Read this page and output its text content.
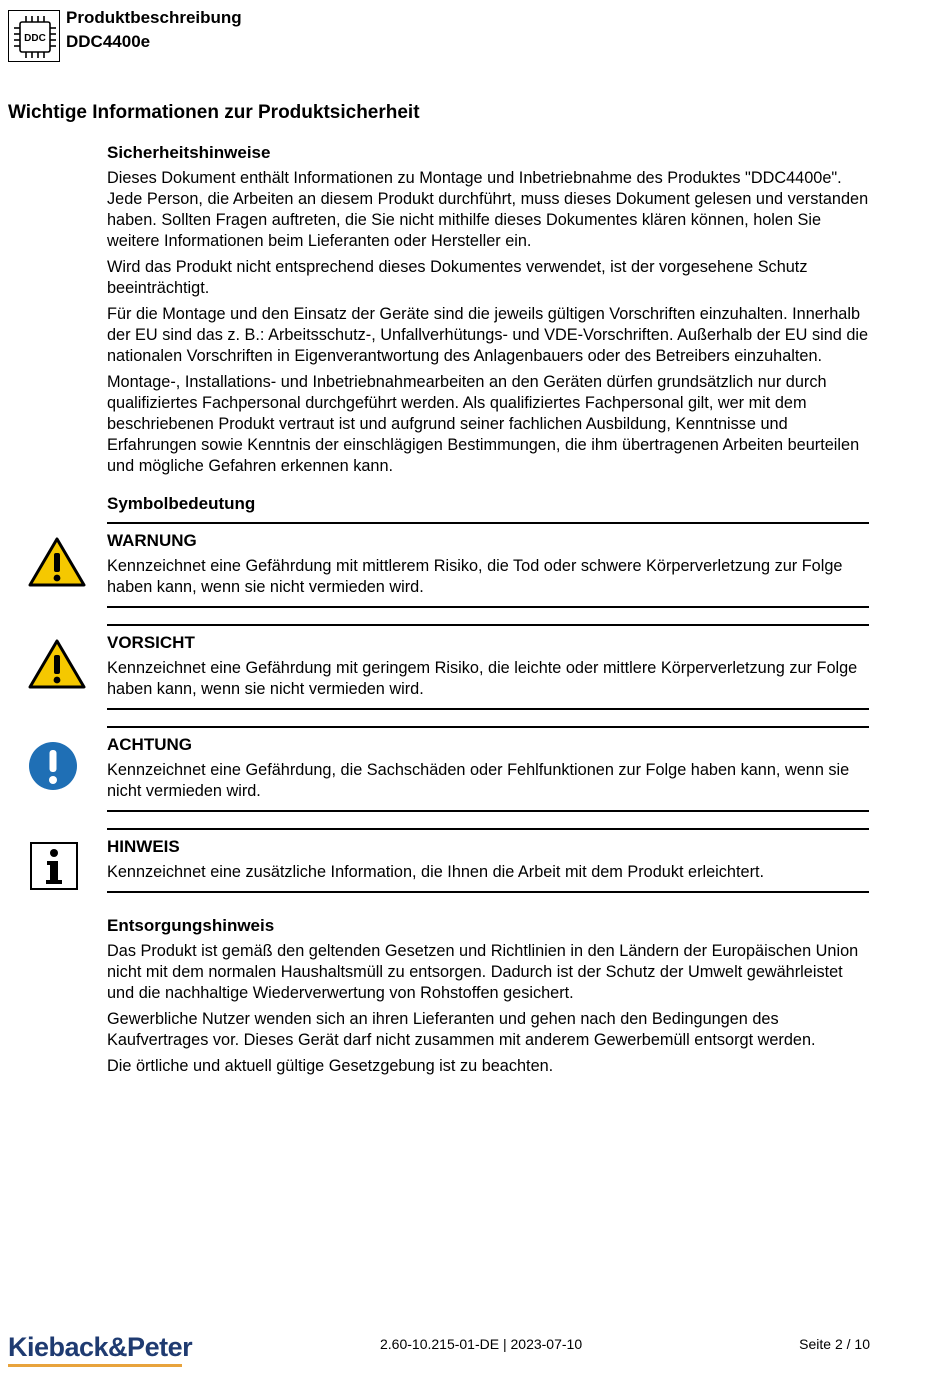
DDC
Produktbeschreibung
DDC4400e
Wichtige Informationen zur Produktsicherheit
Sicherheitshinweise

Dieses Dokument enthält Informationen zu Montage und Inbetriebnahme des Produktes "DDC4400e". Jede Person, die Arbeiten an diesem Produkt durchführt, muss dieses Dokument gelesen und verstanden haben. Sollten Fragen auftreten, die Sie nicht mithilfe dieses Dokumentes klären können, holen Sie weitere Informationen beim Lieferanten oder Hersteller ein.

Wird das Produkt nicht entsprechend dieses Dokumentes verwendet, ist der vorgesehene Schutz beeinträchtigt.

Für die Montage und den Einsatz der Geräte sind die jeweils gültigen Vorschriften einzuhalten. Innerhalb der EU sind das z. B.: Arbeitsschutz-, Unfallverhütungs- und VDE-Vorschriften. Außerhalb der EU sind die nationalen Vorschriften in Eigenverantwortung des Anlagenbauers oder des Betreibers einzuhalten.

Montage-, Installations- und Inbetriebnahmearbeiten an den Geräten dürfen grundsätzlich nur durch qualifiziertes Fachpersonal durchgeführt werden. Als qualifiziertes Fachpersonal gilt, wer mit dem beschriebenen Produkt vertraut ist und aufgrund seiner fachlichen Ausbildung, Kenntnisse und Erfahrungen sowie Kenntnis der einschlägigen Bestimmungen, die ihm übertragenen Arbeiten beurteilen und mögliche Gefahren erkennen kann.

Symbolbedeutung
WARNUNG
Kennzeichnet eine Gefährdung mit mittlerem Risiko, die Tod oder schwere Körperverletzung zur Folge haben kann, wenn sie nicht vermieden wird.
VORSICHT
Kennzeichnet eine Gefährdung mit geringem Risiko, die leichte oder mittlere Körperverletzung zur Folge haben kann, wenn sie nicht vermieden wird.
ACHTUNG
Kennzeichnet eine Gefährdung, die Sachschäden oder Fehlfunktionen zur Folge haben kann, wenn sie nicht vermieden wird.
HINWEIS
Kennzeichnet eine zusätzliche Information, die Ihnen die Arbeit mit dem Produkt erleichtert.
Entsorgungshinweis

Das Produkt ist gemäß den geltenden Gesetzen und Richtlinien in den Ländern der Europäischen Union nicht mit dem normalen Haushaltsmüll zu entsorgen. Dadurch ist der Schutz der Umwelt gewährleistet und die nachhaltige Wiederverwertung von Rohstoffen gesichert.

Gewerbliche Nutzer wenden sich an ihren Lieferanten und gehen nach den Bedingungen des Kaufvertrages vor. Dieses Gerät darf nicht zusammen mit anderem Gewerbemüll entsorgt werden.

Die örtliche und aktuell gültige Gesetzgebung ist zu beachten.

Kieback&Peter	2.60-10.215-01-DE | 2023-07-10	Seite 2 / 10
